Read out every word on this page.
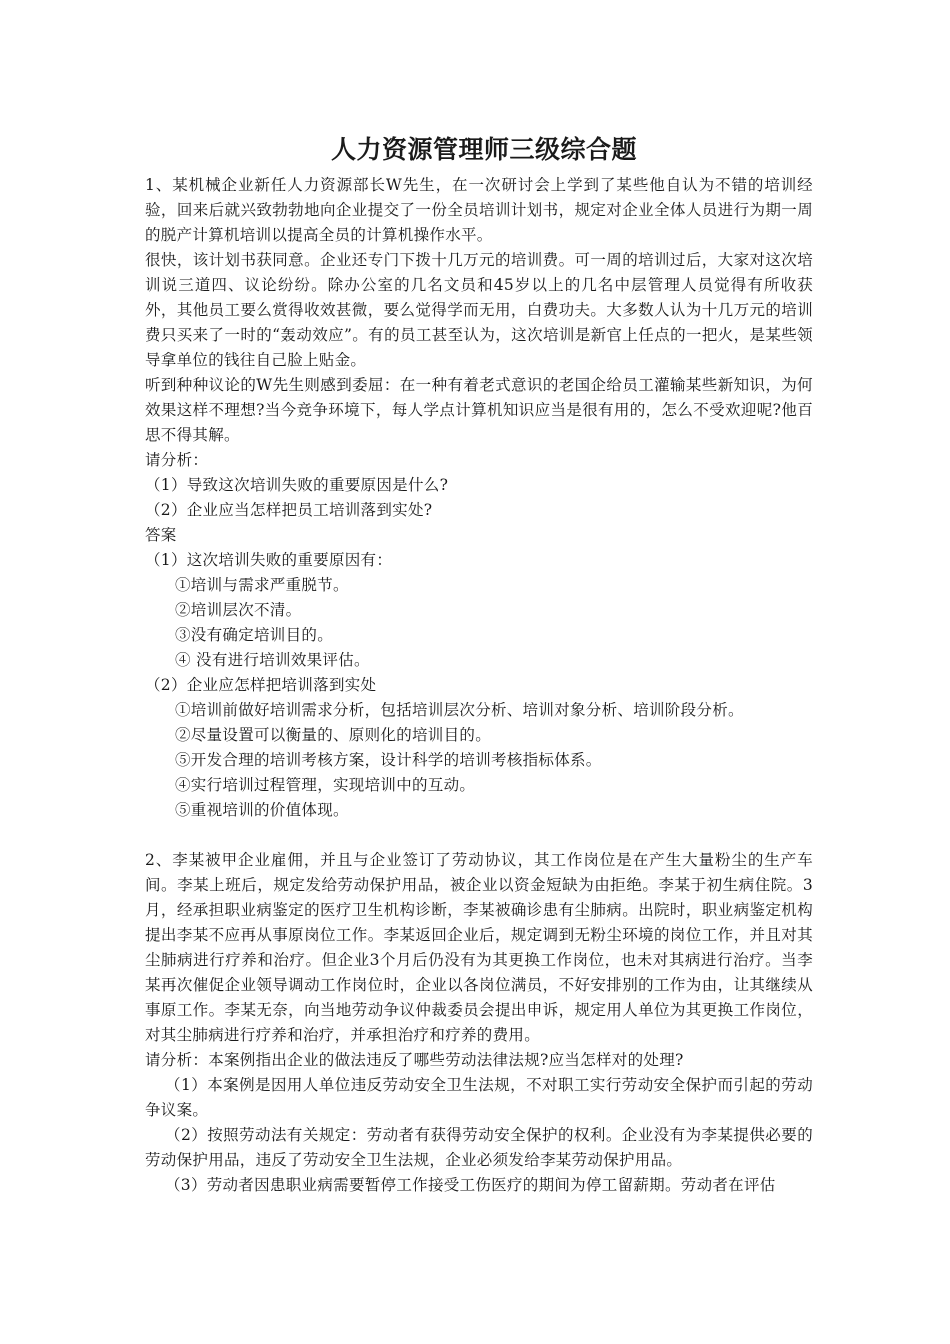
人力资源管理师三级综合题

1、某机械企业新任人力资源部长W先生，在一次研讨会上学到了某些他自认为不错的培训经验，回来后就兴致勃勃地向企业提交了一份全员培训计划书，规定对企业全体人员进行为期一周的脱产计算机培训以提高全员的计算机操作水平。

很快，该计划书获同意。企业还专门下拨十几万元的培训费。可一周的培训过后，大家对这次培训说三道四、议论纷纷。除办公室的几名文员和45岁以上的几名中层管理人员觉得有所收获外，其他员工要么赏得收效甚微，要么觉得学而无用，白费功夫。大多数人认为十几万元的培训费只买来了一时的“轰动效应”。有的员工甚至认为，这次培训是新官上任点的一把火，是某些领导拿单位的钱往自己脸上贴金。

听到种种议论的W先生则感到委屈：在一种有着老式意识的老国企给员工灌输某些新知识，为何效果这样不理想?当今竞争环境下，每人学点计算机知识应当是很有用的，怎么不受欢迎呢?他百思不得其解。

请分析：

（1）导致这次培训失败的重要原因是什么?

（2）企业应当怎样把员工培训落到实处?

答案

（1）这次培训失败的重要原因有：

①培训与需求严重脱节。

②培训层次不清。

③没有确定培训目的。

④ 没有进行培训效果评估。

（2）企业应怎样把培训落到实处

①培训前做好培训需求分析，包括培训层次分析、培训对象分析、培训阶段分析。

②尽量设置可以衡量的、原则化的培训目的。

⑤开发合理的培训考核方案，设计科学的培训考核指标体系。

④实行培训过程管理，实现培训中的互动。

⑤重视培训的价值体现。

2、李某被甲企业雇佣，并且与企业签订了劳动协议，其工作岗位是在产生大量粉尘的生产车间。李某上班后，规定发给劳动保护用品，被企业以资金短缺为由拒绝。李某于初生病住院。3月，经承担职业病鉴定的医疗卫生机构诊断，李某被确诊患有尘肺病。出院时，职业病鉴定机构提出李某不应再从事原岗位工作。李某返回企业后，规定调到无粉尘环境的岗位工作，并且对其尘肺病进行疗养和治疗。但企业3个月后仍没有为其更换工作岗位，也未对其病进行治疗。当李某再次催促企业领导调动工作岗位时，企业以各岗位满员，不好安排别的工作为由，让其继续从事原工作。李某无奈，向当地劳动争议仲裁委员会提出申诉，规定用人单位为其更换工作岗位，对其尘肺病进行疗养和治疗，并承担治疗和疗养的费用。

请分析：本案例指出企业的做法违反了哪些劳动法律法规?应当怎样对的处理?

（1）本案例是因用人单位违反劳动安全卫生法规，不对职工实行劳动安全保护而引起的劳动争议案。

（2）按照劳动法有关规定：劳动者有获得劳动安全保护的权利。企业没有为李某提供必要的劳动保护用品，违反了劳动安全卫生法规，企业必须发给李某劳动保护用品。

（3）劳动者因患职业病需要暂停工作接受工伤医疗的期间为停工留薪期。劳动者在评估
